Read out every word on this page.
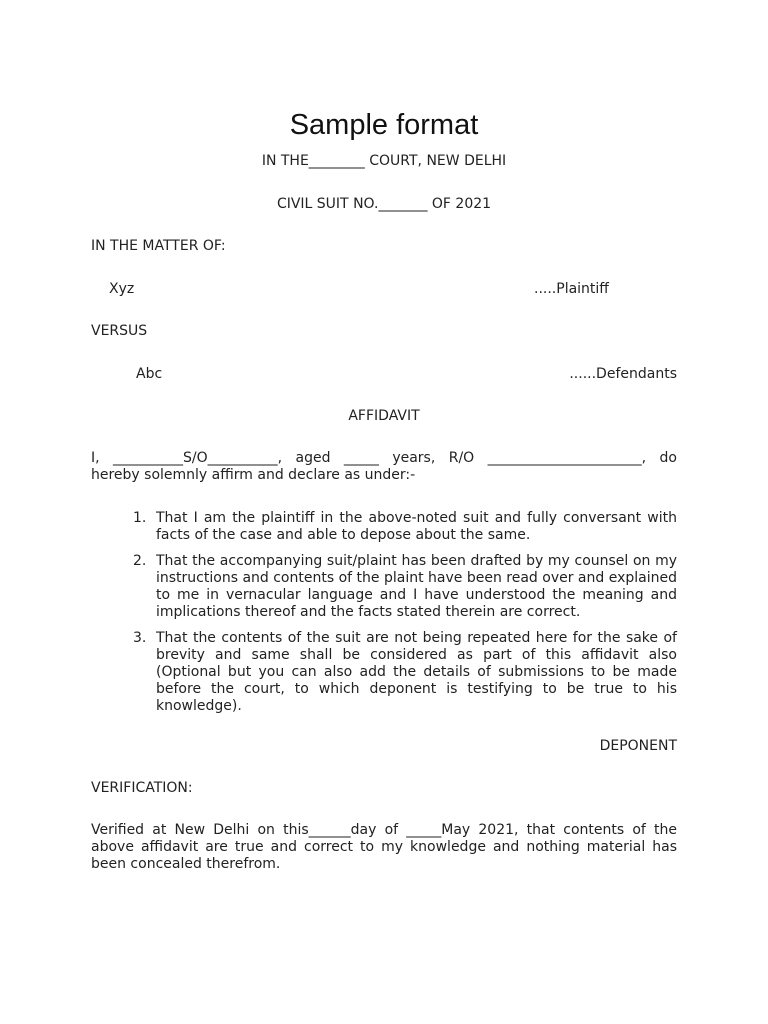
Sample format
IN THE________ COURT, NEW DELHI
CIVIL SUIT NO._______ OF 2021
IN THE MATTER OF:
Xyz	.....Plaintiff
VERSUS
Abc	......Defendants
AFFIDAVIT
I, __________S/O__________, aged _____ years, R/O ______________________, do
hereby solemnly affirm and declare as under:-
1. That I am the plaintiff in the above-noted suit and fully conversant with facts of the case and able to depose about the same.
2. That the accompanying suit/plaint has been drafted by my counsel on my instructions and contents of the plaint have been read over and explained to me in vernacular language and I have understood the meaning and implications thereof and the facts stated therein are correct.
3. That the contents of the suit are not being repeated here for the sake of brevity and same shall be considered as part of this affidavit also (Optional but you can also add the details of submissions to be made before the court, to which deponent is testifying to be true to his knowledge).
DEPONENT
VERIFICATION:
Verified at New Delhi on this______day of _____May 2021, that contents of the above affidavit are true and correct to my knowledge and nothing material has been concealed therefrom.
